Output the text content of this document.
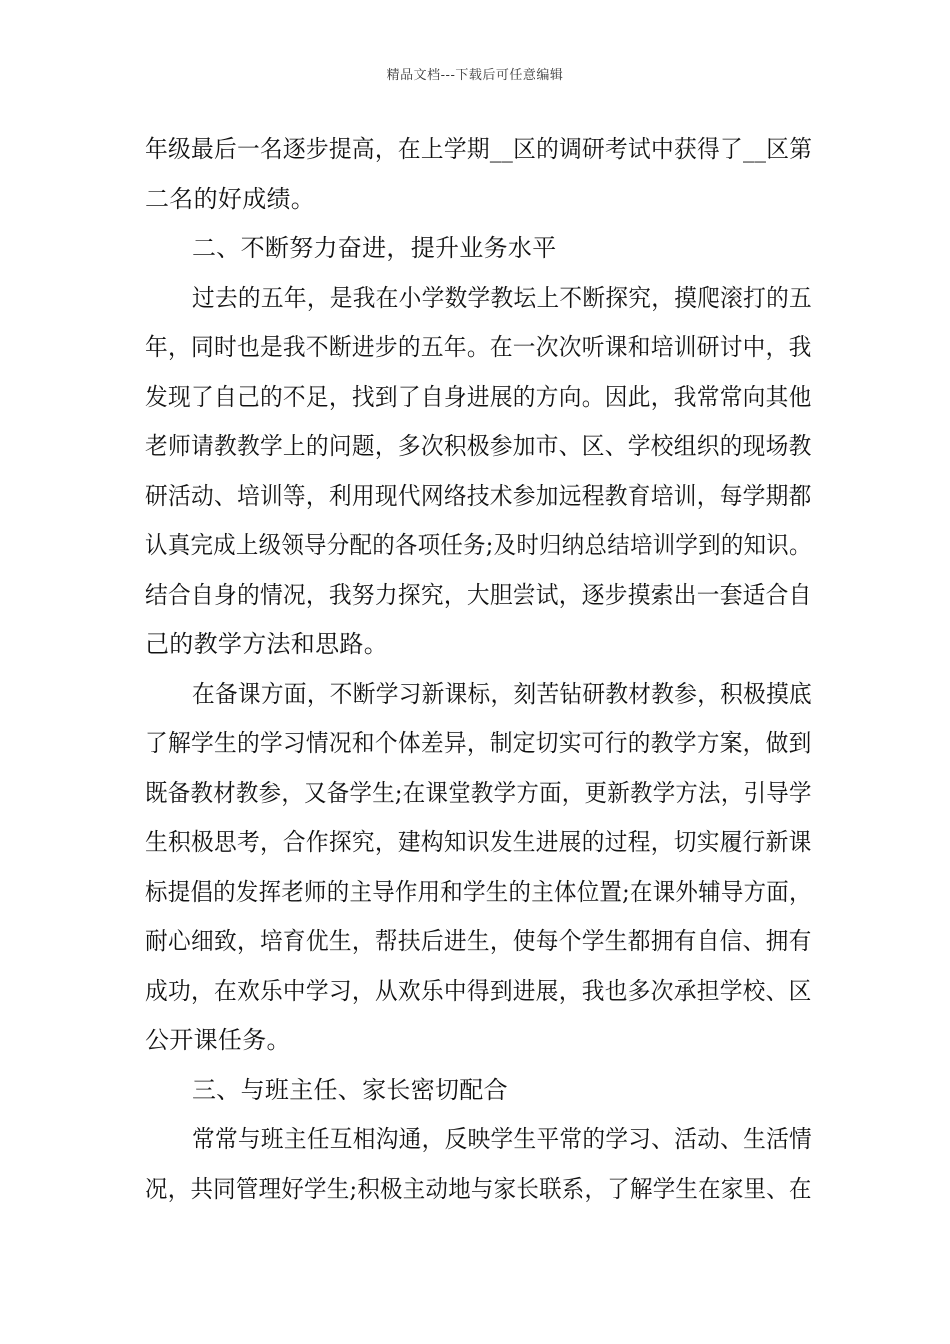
精品文档---下载后可任意编辑
年级最后一名逐步提高，在上学期__区的调研考试中获得了__区第
二名的好成绩。
二、不断努力奋进，提升业务水平
过去的五年，是我在小学数学教坛上不断探究，摸爬滚打的五
年，同时也是我不断进步的五年。在一次次听课和培训研讨中，我
发现了自己的不足，找到了自身进展的方向。因此，我常常向其他
老师请教教学上的问题，多次积极参加市、区、学校组织的现场教
研活动、培训等，利用现代网络技术参加远程教育培训，每学期都
认真完成上级领导分配的各项任务;及时归纳总结培训学到的知识。
结合自身的情况，我努力探究，大胆尝试，逐步摸索出一套适合自
己的教学方法和思路。
在备课方面，不断学习新课标，刻苦钻研教材教参，积极摸底
了解学生的学习情况和个体差异，制定切实可行的教学方案，做到
既备教材教参，又备学生;在课堂教学方面，更新教学方法，引导学
生积极思考，合作探究，建构知识发生进展的过程，切实履行新课
标提倡的发挥老师的主导作用和学生的主体位置;在课外辅导方面，
耐心细致，培育优生，帮扶后进生，使每个学生都拥有自信、拥有
成功，在欢乐中学习，从欢乐中得到进展，我也多次承担学校、区
公开课任务。
三、与班主任、家长密切配合
常常与班主任互相沟通，反映学生平常的学习、活动、生活情
况，共同管理好学生;积极主动地与家长联系，了解学生在家里、在
